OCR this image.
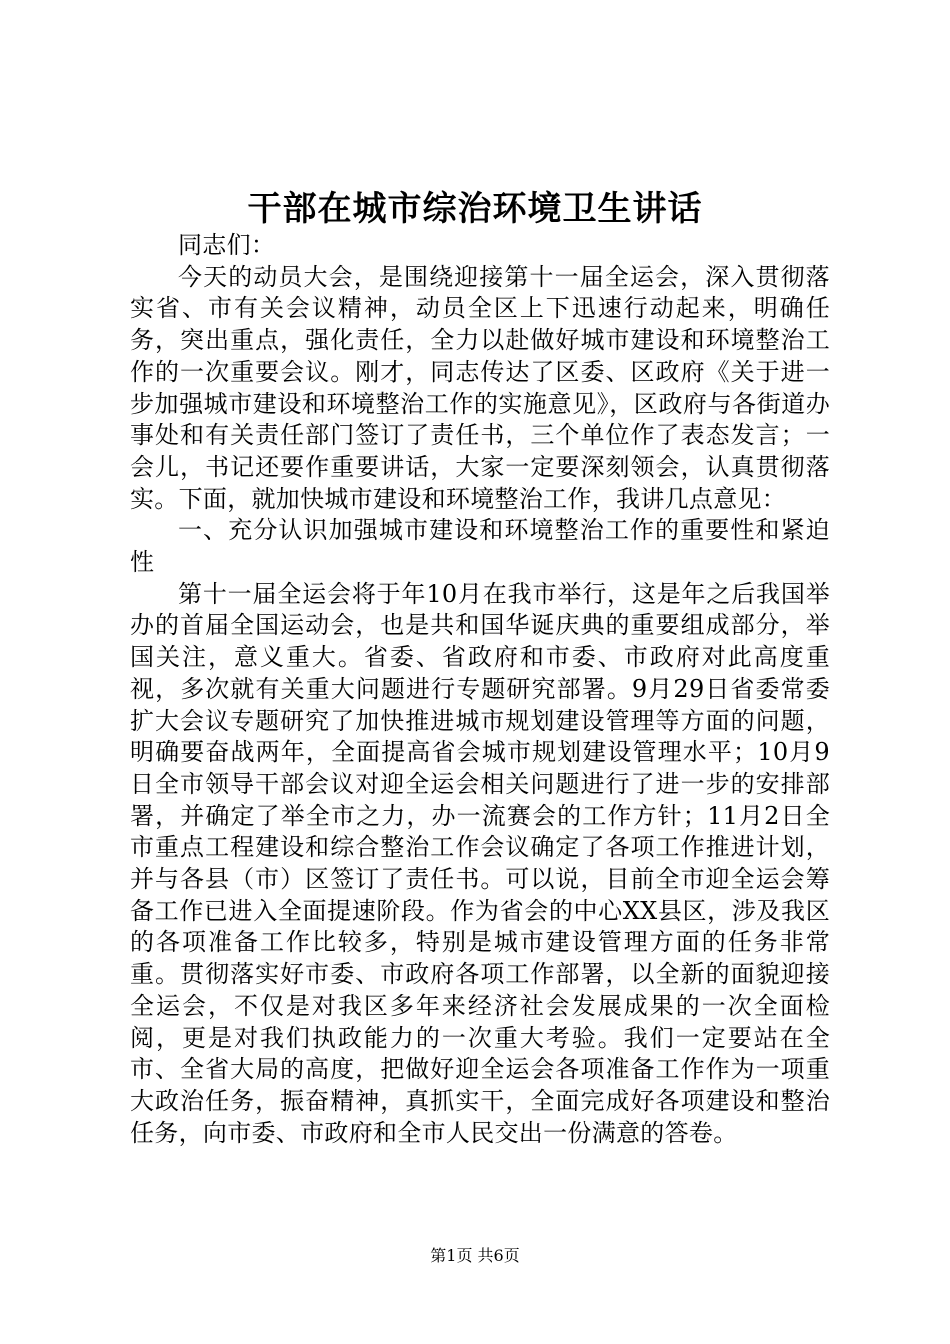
干部在城市综治环境卫生讲话

同志们：

今天的动员大会，是围绕迎接第十一届全运会，深入贯彻落实省、市有关会议精神，动员全区上下迅速行动起来，明确任务，突出重点，强化责任，全力以赴做好城市建设和环境整治工作的一次重要会议。刚才，同志传达了区委、区政府《关于进一步加强城市建设和环境整治工作的实施意见》，区政府与各街道办事处和有关责任部门签订了责任书，三个单位作了表态发言；一会儿，书记还要作重要讲话，大家一定要深刻领会，认真贯彻落实。下面，就加快城市建设和环境整治工作，我讲几点意见：

一、充分认识加强城市建设和环境整治工作的重要性和紧迫性

第十一届全运会将于年10月在我市举行，这是年之后我国举办的首届全国运动会，也是共和国华诞庆典的重要组成部分，举国关注，意义重大。省委、省政府和市委、市政府对此高度重视，多次就有关重大问题进行专题研究部署。9月29日省委常委扩大会议专题研究了加快推进城市规划建设管理等方面的问题，明确要奋战两年，全面提高省会城市规划建设管理水平；10月9日全市领导干部会议对迎全运会相关问题进行了进一步的安排部署，并确定了举全市之力，办一流赛会的工作方针；11月2日全市重点工程建设和综合整治工作会议确定了各项工作推进计划，并与各县（市）区签订了责任书。可以说，目前全市迎全运会筹备工作已进入全面提速阶段。作为省会的中心XX县区，涉及我区的各项准备工作比较多，特别是城市建设管理方面的任务非常重。贯彻落实好市委、市政府各项工作部署，以全新的面貌迎接全运会，不仅是对我区多年来经济社会发展成果的一次全面检阅，更是对我们执政能力的一次重大考验。我们一定要站在全市、全省大局的高度，把做好迎全运会各项准备工作作为一项重大政治任务，振奋精神，真抓实干，全面完成好各项建设和整治任务，向市委、市政府和全市人民交出一份满意的答卷。

第1页 共6页
